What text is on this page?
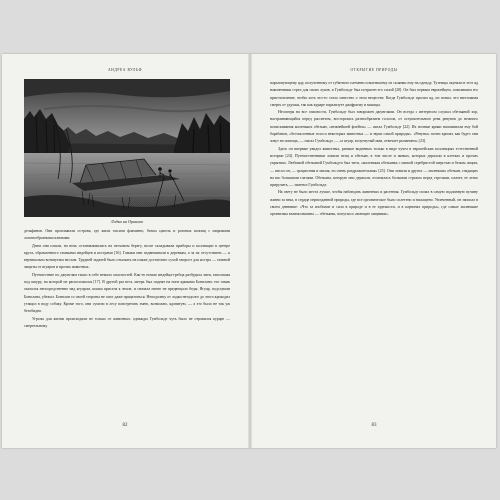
АНДРЕА ВУЛЬФ
Лодка на Ориноко

дельфинов. Они проплывали острова, где жили тысячи фламинго, белых цапель и розовых колпиц с широкими лопатообразными клювами.

Днем они плыли, на ночь останавливались на песчаном берегу, возле складывали приборы и коллекции в центре круга, обрамленного гамаками индейцев и кострами [16]. Гамаки они подвешивали к деревьям, а за их отсутствием — к вертикально воткнутым веслам. Трудней задачей было отыскать на пляже достаточно сухой хворост для костра — главной защиты от ягуаров и прочих животных.

Путешествие по джунглям таило в себе немало опасностей. Как-то ночью индейца-гребца разбудила змея, заползшая под шкуру, на которой он расположился [17]. В другой раз весь лагерь был поднят на ноги криками Бонплана: его гамак оказался непосредственно над ягуаром, кошка присела к земле, и сначала ничто не предвещало беды. Ягуар, подслушав Бонплана, убежал. Бонплан со своей стороны не смог даже прицелиться. Неподалеку от лодки незадолго до этого крокодил утащил в воду собаку. Кроме того, они сумели в лесу повстречать змею, возможно, ядовитую, — а это было не так уж безобидно.

Угрозы для жизни происходили не только от животных: однажды Гумбольдт чуть было не отравился кураре — смертельному

82
ОТКРЫТИЕ ПРИРОДЫ

парализующему яду, полученному от тубятного племени и вытекшему из склянки ему на одежду. Туземцы окунали в этот яд наконечники стрел для своих луков, и Гумбольдт был потрясен его силой [20]. Он был первым европейцем, описавшим его приготовление, чтобы хоть что-то стало известно о этом веществе. Когда Гумбольдт пролил яд, он понял, что ничтожная смерть от удушья, так как кураре парализует диафрагму и мышцы.

Несмотря на все опасности, Гумбольдт был заворожен джунглями. Он всегда с интересом слушал обезьяний хор, настраивающийся перед рассветом, восторгаясь разнообразием голосов, от оглушительного рева ревунов до нежного попискивания маленьких обезьян, «нежнейшей флейты» — писал Гумбольдт [22]. Их ночные крики напоминали ему бой барабанов, «бесчисленные голоса некоторых животных — и звуки самой природы». «Ревуны» почти кричат, как будто они зовут на помощь, — писал Гумбольдт, — «а ягуар, вспугнутый ими, отвечает рычанием» [23].

Здесь он впервые увидел животных, раньше виденных только в виде чучел в европейских коллекциях естественной истории [24]. Путешественники ловили птиц и обезьян, в том числе и живых, которых держали в клетках и прочих укрытиях. Любимой обезьяной Гумбольдта был титп, «маленькая обезьянка с мягкой серебристой шерстью и белым лицом, — писал он, — грациозная и милая, но очень раздражительная» [25]. Они ловили и других — маленьких обезьян, глядящих на вас большими глазами. Обезьяна, которую они держали, отличалась большим страхом перед стрелами, плачет, ее легко приручить, — заметил Гумбольдт.

На свету не было места лучше, чтобы наблюдать животных и растения. Гумбольдт попал в самую подлинную пучину жизни за века, в сердце первозданной природы, где все органическое было сплетено и насыщено. Увлеченный, он записал в своем дневнике: «Что за изобилие и сила в природе и в ее хрупкости, и в картинах природы», где самые маленькие организмы взаимосвязаны — обезьяны, попугаи и «воющие хищники».

83
